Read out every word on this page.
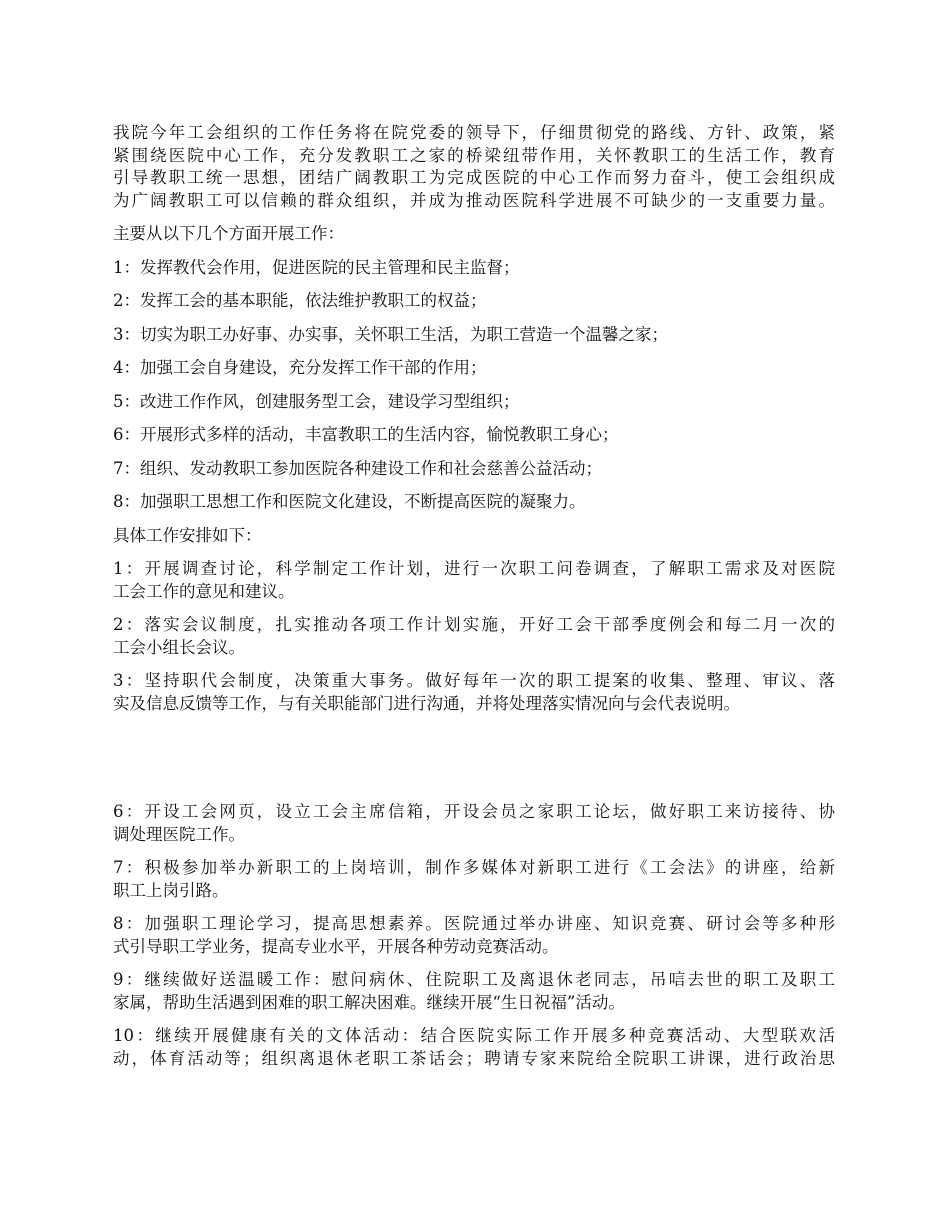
我院今年工会组织的工作任务将在院党委的领导下，仔细贯彻党的路线、方针、政策，紧
紧围绕医院中心工作，充分发教职工之家的桥梁纽带作用，关怀教职工的生活工作，教育
引导教职工统一思想，团结广阔教职工为完成医院的中心工作而努力奋斗，使工会组织成
为广阔教职工可以信赖的群众组织，并成为推动医院科学进展不可缺少的一支重要力量。
主要从以下几个方面开展工作：
1：发挥教代会作用，促进医院的民主管理和民主监督；
2：发挥工会的基本职能，依法维护教职工的权益；
3：切实为职工办好事、办实事，关怀职工生活，为职工营造一个温馨之家；
4：加强工会自身建设，充分发挥工作干部的作用；
5：改进工作作风，创建服务型工会，建设学习型组织；
6：开展形式多样的活动，丰富教职工的生活内容，愉悦教职工身心；
7：组织、发动教职工参加医院各种建设工作和社会慈善公益活动；
8：加强职工思想工作和医院文化建设，不断提高医院的凝聚力。
具体工作安排如下：
1：开展调查讨论，科学制定工作计划，进行一次职工问卷调查，了解职工需求及对医院
工会工作的意见和建议。
2：落实会议制度，扎实推动各项工作计划实施，开好工会干部季度例会和每二月一次的
工会小组长会议。
3：坚持职代会制度，决策重大事务。做好每年一次的职工提案的收集、整理、审议、落
实及信息反馈等工作，与有关职能部门进行沟通，并将处理落实情况向与会代表说明。
6：开设工会网页，设立工会主席信箱，开设会员之家职工论坛，做好职工来访接待、协
调处理医院工作。
7：积极参加举办新职工的上岗培训，制作多媒体对新职工进行《工会法》的讲座，给新
职工上岗引路。
8：加强职工理论学习，提高思想素养。医院通过举办讲座、知识竞赛、研讨会等多种形
式引导职工学业务，提高专业水平，开展各种劳动竞赛活动。
9：继续做好送温暖工作：慰问病休、住院职工及离退休老同志，吊唁去世的职工及职工
家属，帮助生活遇到困难的职工解决困难。继续开展“生日祝福”活动。
10：继续开展健康有关的文体活动：结合医院实际工作开展多种竞赛活动、大型联欢活
动，体育活动等；组织离退休老职工茶话会；聘请专家来院给全院职工讲课，进行政治思
